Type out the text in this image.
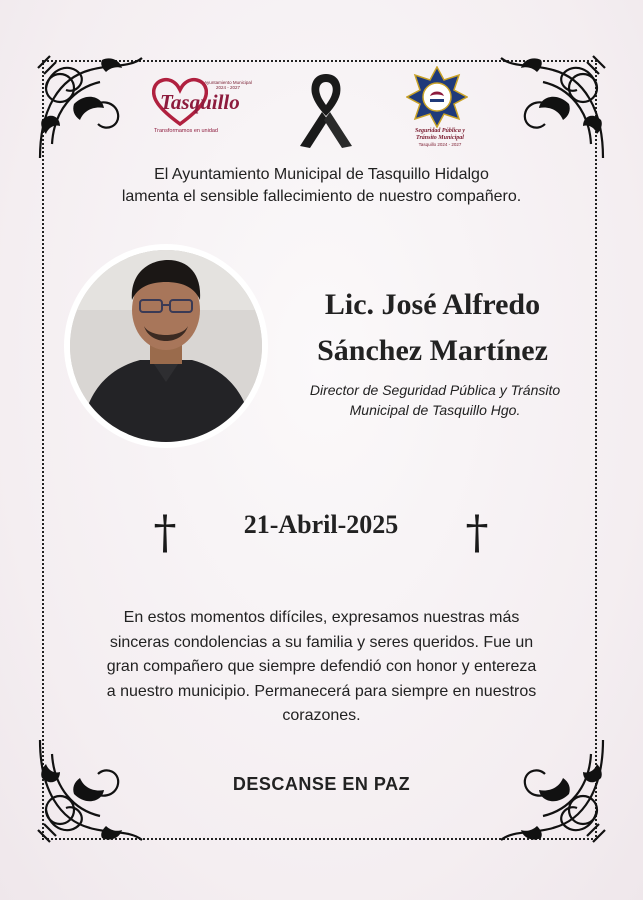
Ayuntamiento Municipal 2024 - 2027
Tasquillo
Transformamos en unidad	Seguridad Pública y
Tránsito Municipal
Tasquillo 2024 - 2027
El Ayuntamiento Municipal de Tasquillo Hidalgo
lamenta el sensible fallecimiento de nuestro compañero.
Lic. José Alfredo
Sánchez Martínez
Director de Seguridad Pública y Tránsito
Municipal de Tasquillo Hgo.
†	21-Abril-2025	†
En estos momentos difíciles, expresamos nuestras más
sinceras condolencias a su familia y seres queridos. Fue un
gran compañero que siempre defendió con honor y entereza
a nuestro municipio. Permanecerá para siempre en nuestros
corazones.
DESCANSE EN PAZ
